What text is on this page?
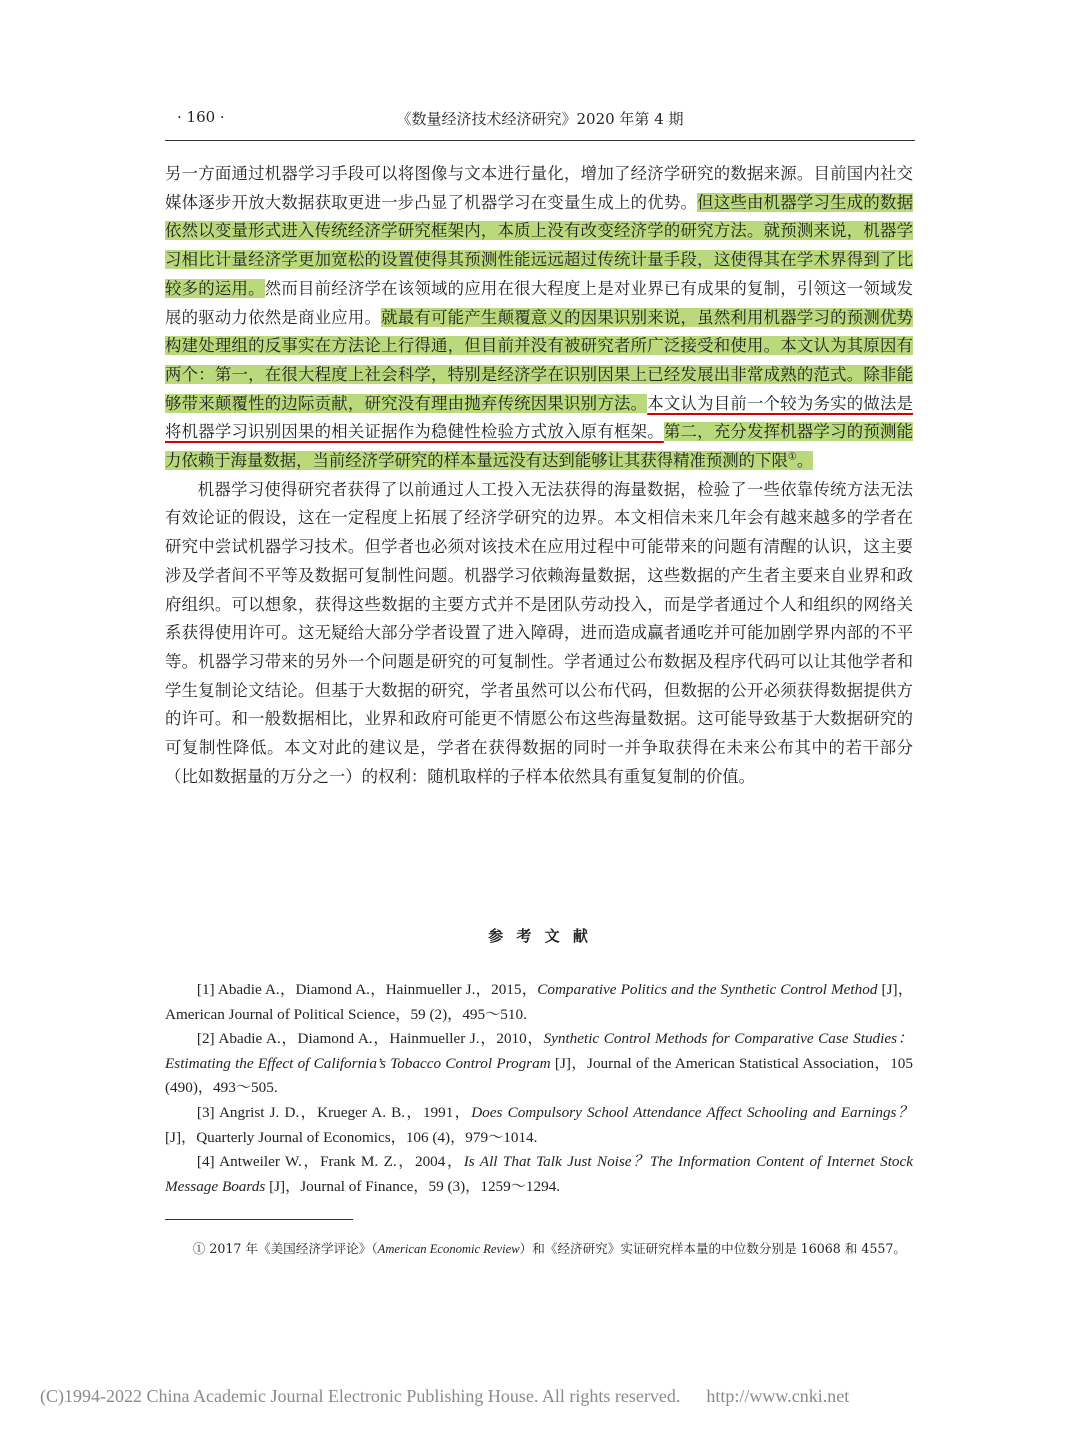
· 160 ·	《数量经济技术经济研究》2020 年第 4 期

另一方面通过机器学习手段可以将图像与文本进行量化，增加了经济学研究的数据来源。目前国内社交媒体逐步开放大数据获取更进一步凸显了机器学习在变量生成上的优势。但这些由机器学习生成的数据依然以变量形式进入传统经济学研究框架内，本质上没有改变经济学的研究方法。就预测来说，机器学习相比计量经济学更加宽松的设置使得其预测性能远远超过传统计量手段，这使得其在学术界得到了比较多的运用。然而目前经济学在该领域的应用在很大程度上是对业界已有成果的复制，引领这一领域发展的驱动力依然是商业应用。就最有可能产生颠覆意义的因果识别来说，虽然利用机器学习的预测优势构建处理组的反事实在方法论上行得通，但目前并没有被研究者所广泛接受和使用。本文认为其原因有两个：第一，在很大程度上社会科学，特别是经济学在识别因果上已经发展出非常成熟的范式。除非能够带来颠覆性的边际贡献，研究没有理由抛弃传统因果识别方法。本文认为目前一个较为务实的做法是将机器学习识别因果的相关证据作为稳健性检验方式放入原有框架。第二，充分发挥机器学习的预测能力依赖于海量数据，当前经济学研究的样本量远没有达到能够让其获得精准预测的下限①。

机器学习使得研究者获得了以前通过人工投入无法获得的海量数据，检验了一些依靠传统方法无法有效论证的假设，这在一定程度上拓展了经济学研究的边界。本文相信未来几年会有越来越多的学者在研究中尝试机器学习技术。但学者也必须对该技术在应用过程中可能带来的问题有清醒的认识，这主要涉及学者间不平等及数据可复制性问题。机器学习依赖海量数据，这些数据的产生者主要来自业界和政府组织。可以想象，获得这些数据的主要方式并不是团队劳动投入，而是学者通过个人和组织的网络关系获得使用许可。这无疑给大部分学者设置了进入障碍，进而造成赢者通吃并可能加剧学界内部的不平等。机器学习带来的另外一个问题是研究的可复制性。学者通过公布数据及程序代码可以让其他学者和学生复制论文结论。但基于大数据的研究，学者虽然可以公布代码，但数据的公开必须获得数据提供方的许可。和一般数据相比，业界和政府可能更不情愿公布这些海量数据。这可能导致基于大数据研究的可复制性降低。本文对此的建议是，学者在获得数据的同时一并争取获得在未来公布其中的若干部分（比如数据量的万分之一）的权利：随机取样的子样本依然具有重复复制的价值。

参 考 文 献

[1] Abadie A.，Diamond A.，Hainmueller J.，2015，Comparative Politics and the Synthetic Control Method [J]，American Journal of Political Science，59 (2)，495～510.

[2] Abadie A.，Diamond A.，Hainmueller J.，2010，Synthetic Control Methods for Comparative Case Studies：Estimating the Effect of California’s Tobacco Control Program [J]，Journal of the American Statistical Association，105 (490)，493～505.

[3] Angrist J. D.，Krueger A. B.，1991，Does Compulsory School Attendance Affect Schooling and Earnings？ [J]，Quarterly Journal of Economics，106 (4)，979～1014.

[4] Antweiler W.，Frank M. Z.，2004，Is All That Talk Just Noise？The Information Content of Internet Stock Message Boards [J]，Journal of Finance，59 (3)，1259～1294.

① 2017 年《美国经济学评论》（American Economic Review）和《经济研究》实证研究样本量的中位数分别是 16068 和 4557。
(C)1994-2022 China Academic Journal Electronic Publishing House. All rights reserved. http://www.cnki.net
